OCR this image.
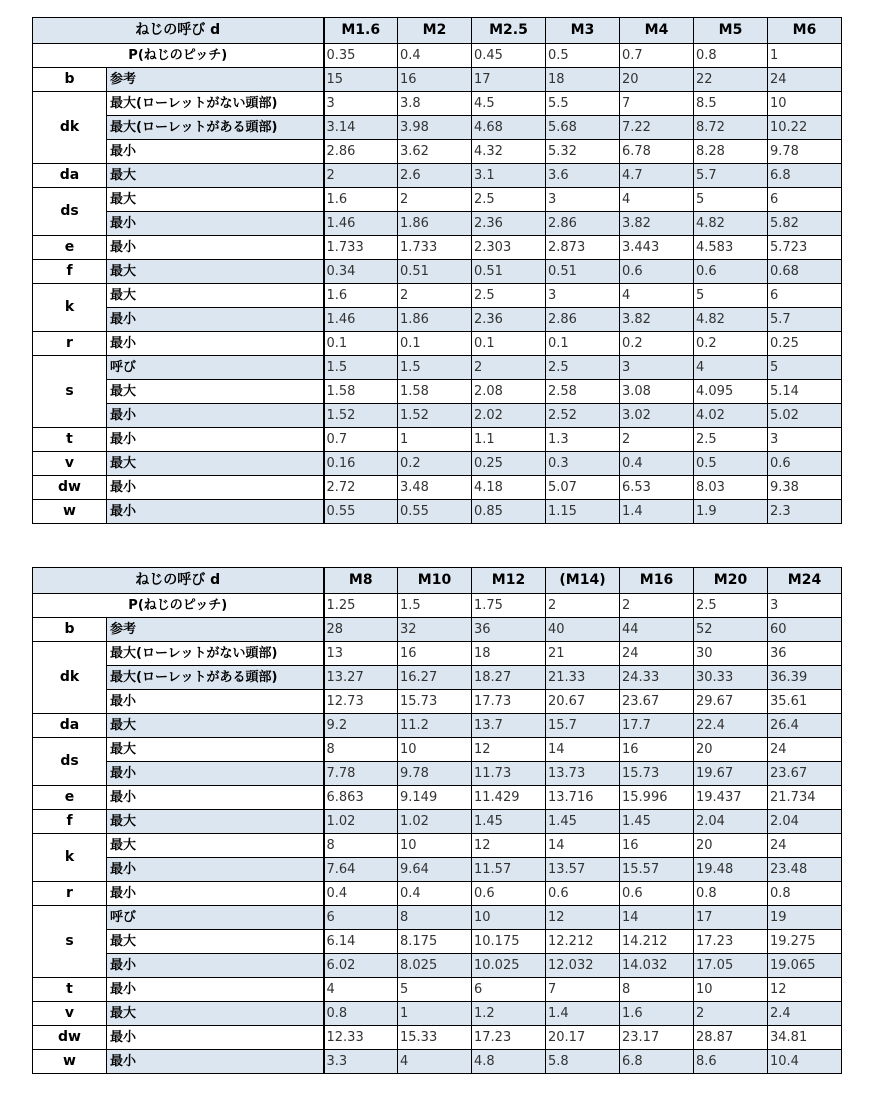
ねじの呼び d		M1.6	M2	M2.5	M3	M4	M5	M6
P(ねじのピッチ)		0.35	0.4	0.45	0.5	0.7	0.8	1
b	参考	15	16	17	18	20	22	24
dk	最大(ローレットがない頭部)	3	3.8	4.5	5.5	7	8.5	10
	最大(ローレットがある頭部)	3.14	3.98	4.68	5.68	7.22	8.72	10.22
	最小	2.86	3.62	4.32	5.32	6.78	8.28	9.78
da	最大	2	2.6	3.1	3.6	4.7	5.7	6.8
ds	最大	1.6	2	2.5	3	4	5	6
	最小	1.46	1.86	2.36	2.86	3.82	4.82	5.82
e	最小	1.733	1.733	2.303	2.873	3.443	4.583	5.723
f	最大	0.34	0.51	0.51	0.51	0.6	0.6	0.68
k	最大	1.6	2	2.5	3	4	5	6
	最小	1.46	1.86	2.36	2.86	3.82	4.82	5.7
r	最小	0.1	0.1	0.1	0.1	0.2	0.2	0.25
s	呼び	1.5	1.5	2	2.5	3	4	5
	最大	1.58	1.58	2.08	2.58	3.08	4.095	5.14
	最小	1.52	1.52	2.02	2.52	3.02	4.02	5.02
t	最小	0.7	1	1.1	1.3	2	2.5	3
v	最大	0.16	0.2	0.25	0.3	0.4	0.5	0.6
dw	最小	2.72	3.48	4.18	5.07	6.53	8.03	9.38
w	最小	0.55	0.55	0.85	1.15	1.4	1.9	2.3
ねじの呼び d		M8	M10	M12	(M14)	M16	M20	M24
P(ねじのピッチ)		1.25	1.5	1.75	2	2	2.5	3
b	参考	28	32	36	40	44	52	60
dk	最大(ローレットがない頭部)	13	16	18	21	24	30	36
	最大(ローレットがある頭部)	13.27	16.27	18.27	21.33	24.33	30.33	36.39
	最小	12.73	15.73	17.73	20.67	23.67	29.67	35.61
da	最大	9.2	11.2	13.7	15.7	17.7	22.4	26.4
ds	最大	8	10	12	14	16	20	24
	最小	7.78	9.78	11.73	13.73	15.73	19.67	23.67
e	最小	6.863	9.149	11.429	13.716	15.996	19.437	21.734
f	最大	1.02	1.02	1.45	1.45	1.45	2.04	2.04
k	最大	8	10	12	14	16	20	24
	最小	7.64	9.64	11.57	13.57	15.57	19.48	23.48
r	最小	0.4	0.4	0.6	0.6	0.6	0.8	0.8
s	呼び	6	8	10	12	14	17	19
	最大	6.14	8.175	10.175	12.212	14.212	17.23	19.275
	最小	6.02	8.025	10.025	12.032	14.032	17.05	19.065
t	最小	4	5	6	7	8	10	12
v	最大	0.8	1	1.2	1.4	1.6	2	2.4
dw	最小	12.33	15.33	17.23	20.17	23.17	28.87	34.81
w	最小	3.3	4	4.8	5.8	6.8	8.6	10.4
